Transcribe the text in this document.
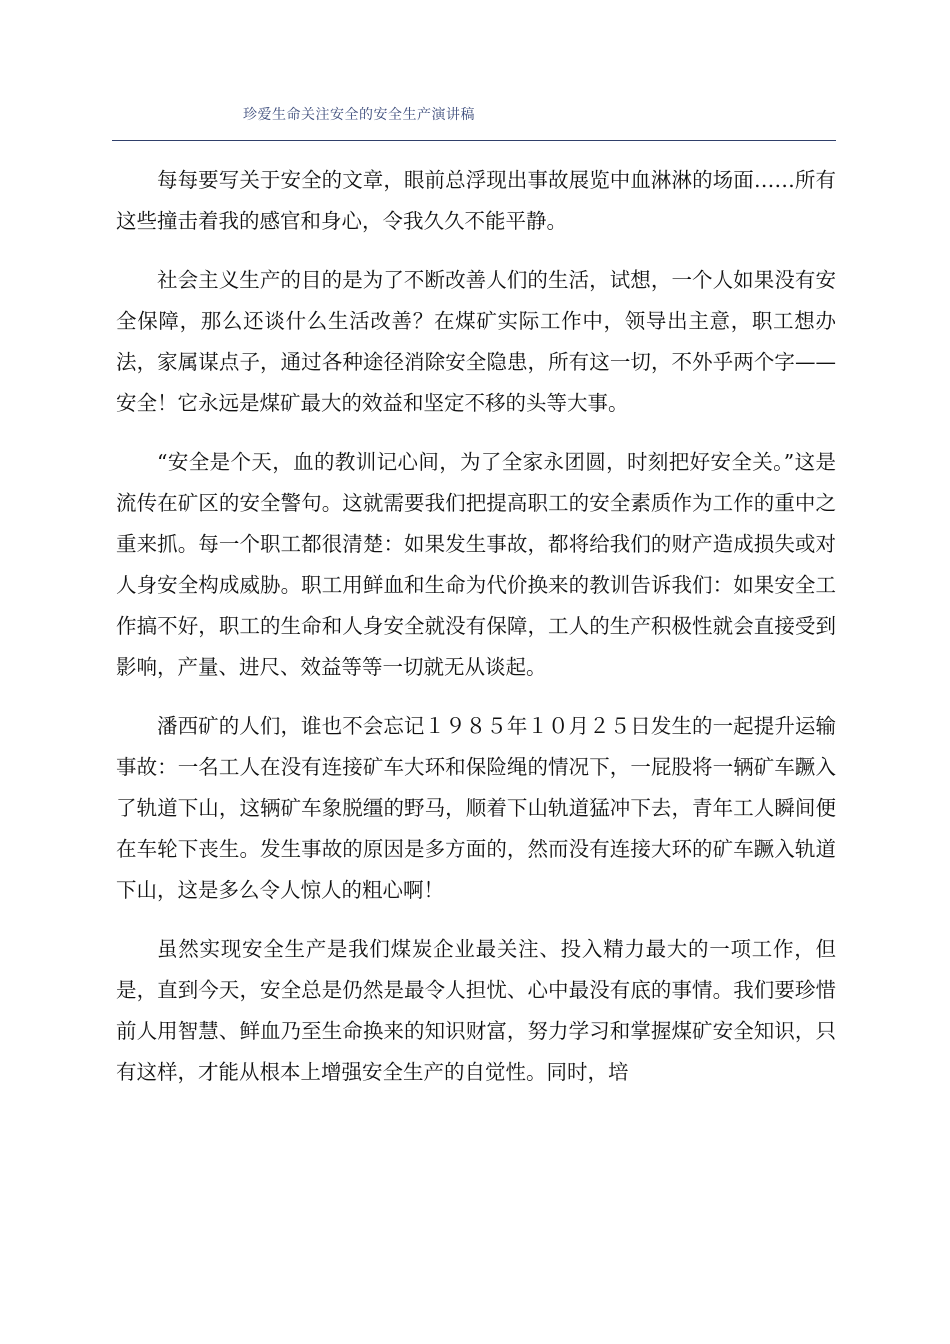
珍爱生命关注安全的安全生产演讲稿

每每要写关于安全的文章，眼前总浮现出事故展览中血淋淋的场面……所有这些撞击着我的感官和身心，令我久久不能平静。

社会主义生产的目的是为了不断改善人们的生活，试想，一个人如果没有安全保障，那么还谈什么生活改善？在煤矿实际工作中，领导出主意，职工想办法，家属谋点子，通过各种途径消除安全隐患，所有这一切，不外乎两个字——安全！它永远是煤矿最大的效益和坚定不移的头等大事。

“安全是个天，血的教训记心间，为了全家永团圆，时刻把好安全关。”这是流传在矿区的安全警句。这就需要我们把提高职工的安全素质作为工作的重中之重来抓。每一个职工都很清楚：如果发生事故，都将给我们的财产造成损失或对人身安全构成威胁。职工用鲜血和生命为代价换来的教训告诉我们：如果安全工作搞不好，职工的生命和人身安全就没有保障，工人的生产积极性就会直接受到影响，产量、进尺、效益等等一切就无从谈起。

潘西矿的人们，谁也不会忘记１９８５年１０月２５日发生的一起提升运输事故：一名工人在没有连接矿车大环和保险绳的情况下，一屁股将一辆矿车蹶入了轨道下山，这辆矿车象脱缰的野马，顺着下山轨道猛冲下去，青年工人瞬间便在车轮下丧生。发生事故的原因是多方面的，然而没有连接大环的矿车蹶入轨道下山，这是多么令人惊人的粗心啊！

虽然实现安全生产是我们煤炭企业最关注、投入精力最大的一项工作，但是，直到今天，安全总是仍然是最令人担忧、心中最没有底的事情。我们要珍惜前人用智慧、鲜血乃至生命换来的知识财富，努力学习和掌握煤矿安全知识，只有这样，才能从根本上增强安全生产的自觉性。同时，培
